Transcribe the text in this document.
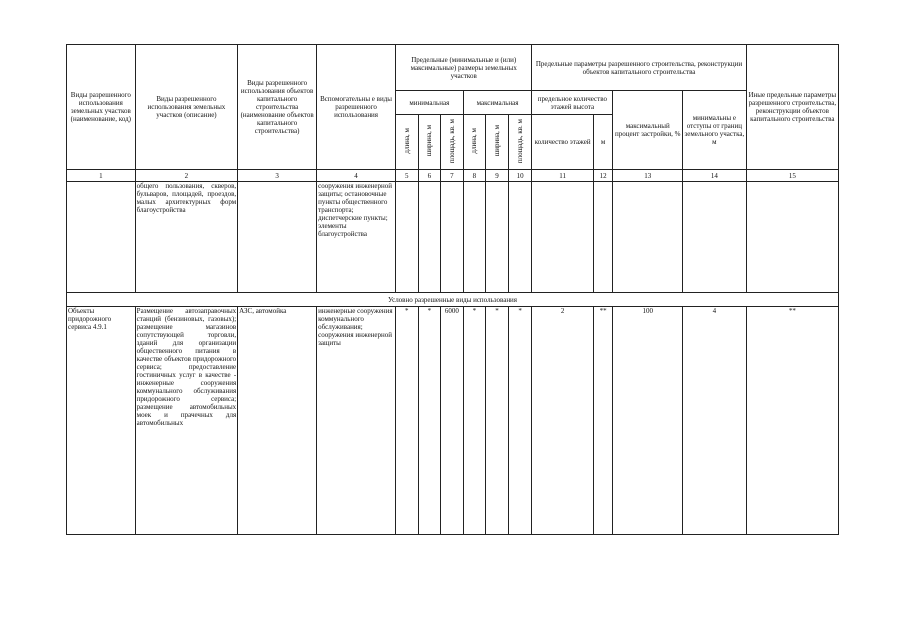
Виды разрешенного использования земельных участков (наименование, код)	Виды разрешенного использования земельных участков (описание)	Виды разрешенного использования объектов капитального строительства (наименование объектов капитального строительства)	Вспомогательны е виды разрешенного использования	Предельные (минимальные и (или) максимальные) размеры земельных участков						Предельные параметры разрешенного строительства, реконструкции объектов капитального строительства				Иные предельные параметры разрешенного строительства, реконструкции объектов капитального строительства
				минимальная			максимальная			предельное количество этажей высота		максимальный процент застройки, %	минимальны е отступы от границ земельного участка, м	
				длина, м	ширина, м	площадь, кв. м	длина, м	ширина, м	площадь, кв. м	количество этажей	м			

1	2	3	4	5	6	7	8	9	10	11	12	13	14	15
	общего пользования, скверов, бульваров, площадей, проездов, малых архитектурных форм благоустройства		сооружения инженерной защиты; остановочные пункты общественного транспорта; диспетчерские пункты; элементы благоустройства											
Условно разрешенные виды использования														
Объекты придорожного сервиса 4.9.1	Размещение автозаправочных станций (бензиновых, газовых); размещение магазинов сопутствующей торговли, зданий для организации общественного питания в качестве объектов придорожного сервиса; предоставление гостиничных услуг в качестве - инженерные сооружения коммунального обслуживания придорожного сервиса; размещение автомобильных моек и прачечных для автомобильных	АЗС, автомойка	инженерные сооружения коммунального обслуживания; сооружения инженерной защиты	*	*	6000	*	*	*	2	**	100	4	**
